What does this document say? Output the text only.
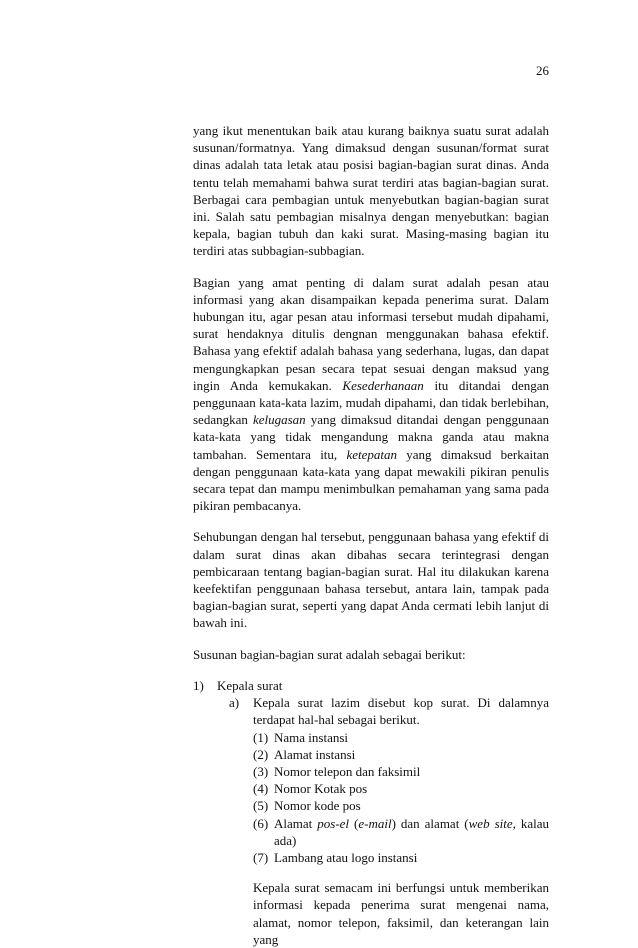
26

yang ikut menentukan baik atau kurang baiknya suatu surat adalah susunan/formatnya. Yang dimaksud dengan susunan/format surat dinas adalah tata letak atau posisi bagian-bagian surat dinas. Anda tentu telah memahami bahwa surat terdiri atas bagian-bagian surat. Berbagai cara pembagian untuk menyebutkan bagian-bagian surat ini. Salah satu pembagian misalnya dengan menyebutkan: bagian kepala, bagian tubuh dan kaki surat. Masing-masing bagian itu terdiri atas subbagian-subbagian.

Bagian yang amat penting di dalam surat adalah pesan atau informasi yang akan disampaikan kepada penerima surat. Dalam hubungan itu, agar pesan atau informasi tersebut mudah dipahami, surat hendaknya ditulis dengnan menggunakan bahasa efektif. Bahasa yang efektif adalah bahasa yang sederhana, lugas, dan dapat mengungkapkan pesan secara tepat sesuai dengan maksud yang ingin Anda kemukakan. Kesederhanaan itu ditandai dengan penggunaan kata-kata lazim, mudah dipahami, dan tidak berlebihan, sedangkan kelugasan yang dimaksud ditandai dengan penggunaan kata-kata yang tidak mengandung makna ganda atau makna tambahan. Sementara itu, ketepatan yang dimaksud berkaitan dengan penggunaan kata-kata yang dapat mewakili pikiran penulis secara tepat dan mampu menimbulkan pemahaman yang sama pada pikiran pembacanya.

Sehubungan dengan hal tersebut, penggunaan bahasa yang efektif di dalam surat dinas akan dibahas secara terintegrasi dengan pembicaraan tentang bagian-bagian surat. Hal itu dilakukan karena keefektifan penggunaan bahasa tersebut, antara lain, tampak pada bagian-bagian surat, seperti yang dapat Anda cermati lebih lanjut di bawah ini.

Susunan bagian-bagian surat adalah sebagai berikut:

1)	Kepala surat
a)	Kepala surat lazim disebut kop surat. Di dalamnya terdapat hal-hal sebagai berikut.
(1) Nama instansi
(2) Alamat instansi
(3) Nomor telepon dan faksimil
(4) Nomor Kotak pos
(5) Nomor kode pos
(6) Alamat pos-el (e-mail) dan alamat (web site, kalau ada)
(7) Lambang atau logo instansi
Kepala surat semacam ini berfungsi untuk memberikan informasi kepada penerima surat mengenai nama, alamat, nomor telepon, faksimil, dan keterangan lain yang
